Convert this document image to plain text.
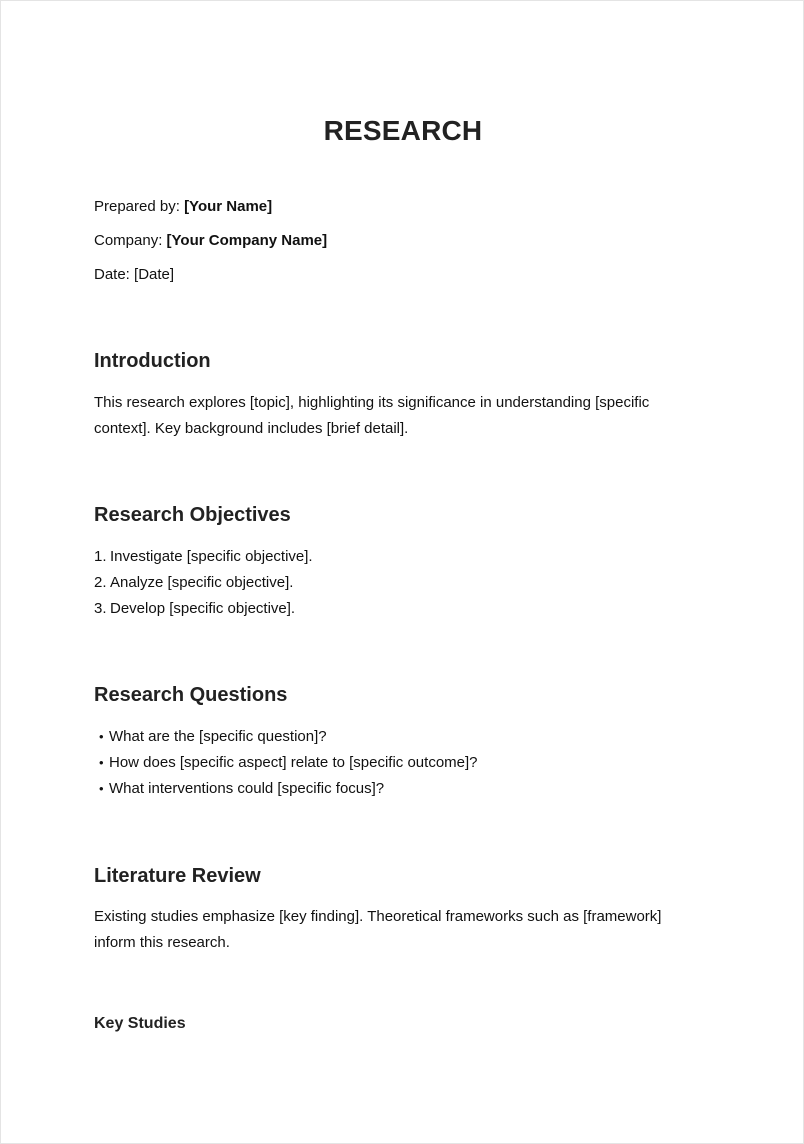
RESEARCH
Prepared by: [Your Name]
Company: [Your Company Name]
Date: [Date]
Introduction

This research explores [topic], highlighting its significance in understanding [specific context]. Key background includes [brief detail].

Research Objectives
1. Investigate [specific objective].
2. Analyze [specific objective].
3. Develop [specific objective].
Research Questions
• What are the [specific question]?
• How does [specific aspect] relate to [specific outcome]?
• What interventions could [specific focus]?
Literature Review

Existing studies emphasize [key finding]. Theoretical frameworks such as [framework] inform this research.

Key Studies
